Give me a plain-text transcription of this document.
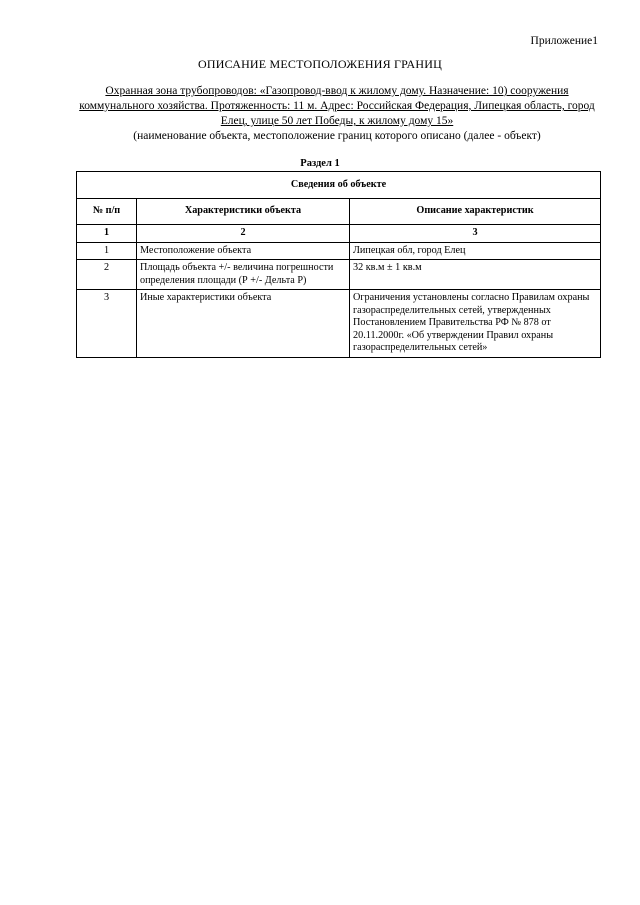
Приложение1
ОПИСАНИЕ МЕСТОПОЛОЖЕНИЯ ГРАНИЦ
Охранная зона трубопроводов: «Газопровод-ввод к жилому дому. Назначение: 10) сооружения коммунального хозяйства. Протяженность: 11 м. Адрес: Российская Федерация, Липецкая область, город Елец, улице 50 лет Победы, к жилому дому 15»
(наименование объекта, местоположение границ которого описано (далее - объект)
Раздел 1
Сведения об объекте		
№ п/п	Характеристики объекта	Описание характеристик
1	2	3
1	Местоположение объекта	Липецкая обл, город Елец
2	Площадь объекта +/- величина погрешности определения площади (Р +/- Дельта Р)	32 кв.м ± 1 кв.м
3	Иные характеристики объекта	Ограничения установлены согласно Правилам охраны газораспределительных сетей, утвержденных Постановлением Правительства РФ № 878 от 20.11.2000г. «Об утверждении Правил охраны газораспределительных сетей»
